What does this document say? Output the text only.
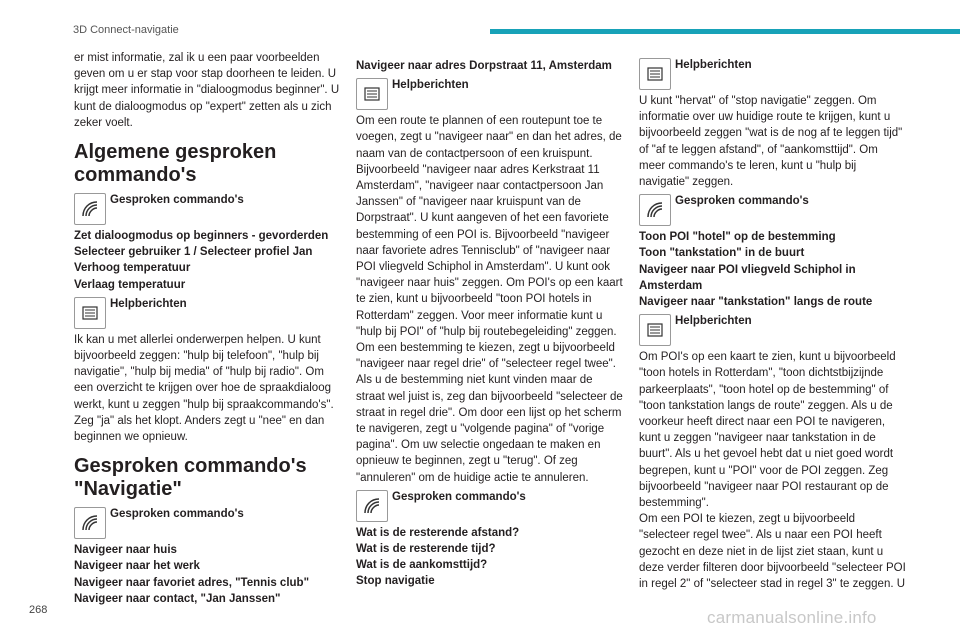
3D Connect-navigatie

er mist informatie, zal ik u een paar voorbeelden geven om u er stap voor stap doorheen te leiden. U krijgt meer informatie in "dialoogmodus beginner". U kunt de dialoogmodus op "expert" zetten als u zich zeker voelt.

Algemene gesproken commando's
Gesproken commando's
Zet dialoogmodus op beginners - gevorderden
Selecteer gebruiker 1 / Selecteer profiel Jan
Verhoog temperatuur
Verlaag temperatuur
Helpberichten

Ik kan u met allerlei onderwerpen helpen. U kunt bijvoorbeeld zeggen: "hulp bij telefoon", "hulp bij navigatie", "hulp bij media" of "hulp bij radio". Om een overzicht te krijgen over hoe de spraakdialoog werkt, kunt u zeggen "hulp bij spraakcommando's". Zeg "ja" als het klopt. Anders zegt u "nee" en dan beginnen we opnieuw.

Gesproken commando's "Navigatie"
Gesproken commando's
Navigeer naar huis
Navigeer naar het werk
Navigeer naar favoriet adres, "Tennis club"
Navigeer naar contact, "Jan Janssen"
Navigeer naar adres Dorpstraat 11, Amsterdam
Helpberichten

Om een route te plannen of een routepunt toe te voegen, zegt u "navigeer naar" en dan het adres, de naam van de contactpersoon of een kruispunt. Bijvoorbeeld "navigeer naar adres Kerkstraat 11 Amsterdam", "navigeer naar contactpersoon Jan Janssen" of "navigeer naar kruispunt van de Dorpstraat". U kunt aangeven of het een favoriete bestemming of een POI is. Bijvoorbeeld "navigeer naar favoriete adres Tennisclub" of "navigeer naar POI vliegveld Schiphol in Amsterdam". U kunt ook "navigeer naar huis" zeggen. Om POI's op een kaart te zien, kunt u bijvoorbeeld "toon POI hotels in Rotterdam" zeggen. Voor meer informatie kunt u "hulp bij POI" of "hulp bij routebegeleiding" zeggen. Om een bestemming te kiezen, zegt u bijvoorbeeld "navigeer naar regel drie" of "selecteer regel twee". Als u de bestemming niet kunt vinden maar de straat wel juist is, zeg dan bijvoorbeeld "selecteer de straat in regel drie". Om door een lijst op het scherm te navigeren, zegt u "volgende pagina" of "vorige pagina". Om uw selectie ongedaan te maken en opnieuw te beginnen, zegt u "terug". Of zeg "annuleren" om de huidige actie te annuleren.

Gesproken commando's
Wat is de resterende afstand?
Wat is de resterende tijd?
Wat is de aankomsttijd?
Stop navigatie
Helpberichten

U kunt "hervat" of "stop navigatie" zeggen. Om informatie over uw huidige route te krijgen, kunt u bijvoorbeeld zeggen "wat is de nog af te leggen tijd" of "af te leggen afstand", of "aankomsttijd". Om meer commando's te leren, kunt u "hulp bij navigatie" zeggen.

Gesproken commando's
Toon POI "hotel" op de bestemming
Toon "tankstation" in de buurt
Navigeer naar POI vliegveld Schiphol in Amsterdam
Navigeer naar "tankstation" langs de route
Helpberichten

Om POI's op een kaart te zien, kunt u bijvoorbeeld "toon hotels in Rotterdam", "toon dichtstbijzijnde parkeerplaats", "toon hotel op de bestemming" of "toon tankstation langs de route" zeggen. Als u de voorkeur heeft direct naar een POI te navigeren, kunt u zeggen "navigeer naar tankstation in de buurt". Als u het gevoel hebt dat u niet goed wordt begrepen, kunt u "POI" voor de POI zeggen. Zeg bijvoorbeeld "navigeer naar POI restaurant op de bestemming".

Om een POI te kiezen, zegt u bijvoorbeeld "selecteer regel twee". Als u naar een POI heeft gezocht en deze niet in de lijst ziet staan, kunt u deze verder filteren door bijvoorbeeld "selecteer POI in regel 2" of "selecteer stad in regel 3" te zeggen. U

268	carmanualsonline.info
